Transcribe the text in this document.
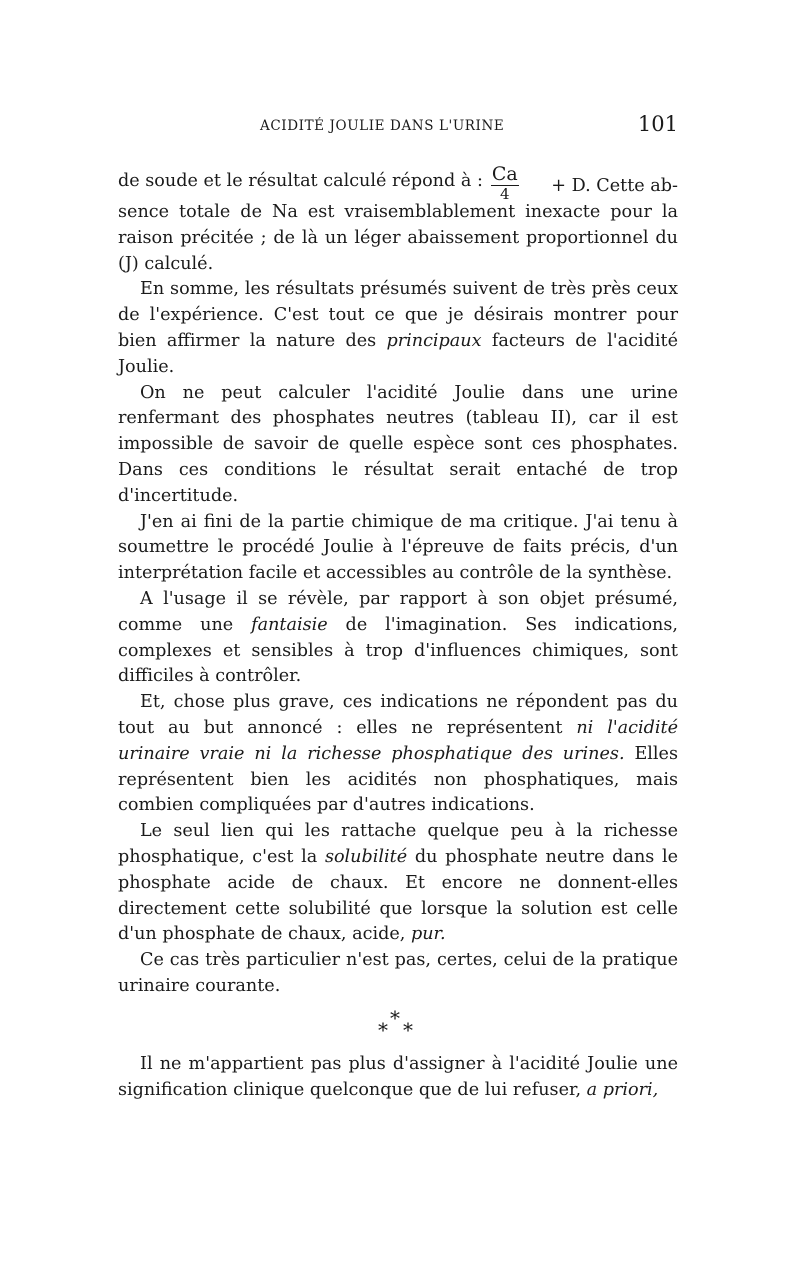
ACIDITÉ JOULIE DANS L'URINE	101
de soude et le résultat calculé répond à : $\frac{Ca}{4} + D$. Cette ab-

sence totale de Na est vraisemblablement inexacte pour la raison précitée ; de là un léger abaissement proportionnel du (J) calculé.

En somme, les résultats présumés suivent de très près ceux de l'expérience. C'est tout ce que je désirais montrer pour bien affirmer la nature des principaux facteurs de l'acidité Joulie.

On ne peut calculer l'acidité Joulie dans une urine renfermant des phosphates neutres (tableau II), car il est impossible de savoir de quelle espèce sont ces phosphates. Dans ces conditions le résultat serait entaché de trop d'incertitude.

J'en ai fini de la partie chimique de ma critique. J'ai tenu à soumettre le procédé Joulie à l'épreuve de faits précis, d'un interprétation facile et accessibles au contrôle de la synthèse.

A l'usage il se révèle, par rapport à son objet présumé, comme une fantaisie de l'imagination. Ses indications, complexes et sensibles à trop d'influences chimiques, sont difficiles à contrôler.

Et, chose plus grave, ces indications ne répondent pas du tout au but annoncé : elles ne représentent ni l'acidité urinaire vraie ni la richesse phosphatique des urines. Elles représentent bien les acidités non phosphatiques, mais combien compliquées par d'autres indications.

Le seul lien qui les rattache quelque peu à la richesse phosphatique, c'est la solubilité du phosphate neutre dans le phosphate acide de chaux. Et encore ne donnent-elles directement cette solubilité que lorsque la solution est celle d'un phosphate de chaux, acide, pur.

Ce cas très particulier n'est pas, certes, celui de la pratique urinaire courante.

*
* *

Il ne m'appartient pas plus d'assigner à l'acidité Joulie une signification clinique quelconque que de lui refuser, a priori,
